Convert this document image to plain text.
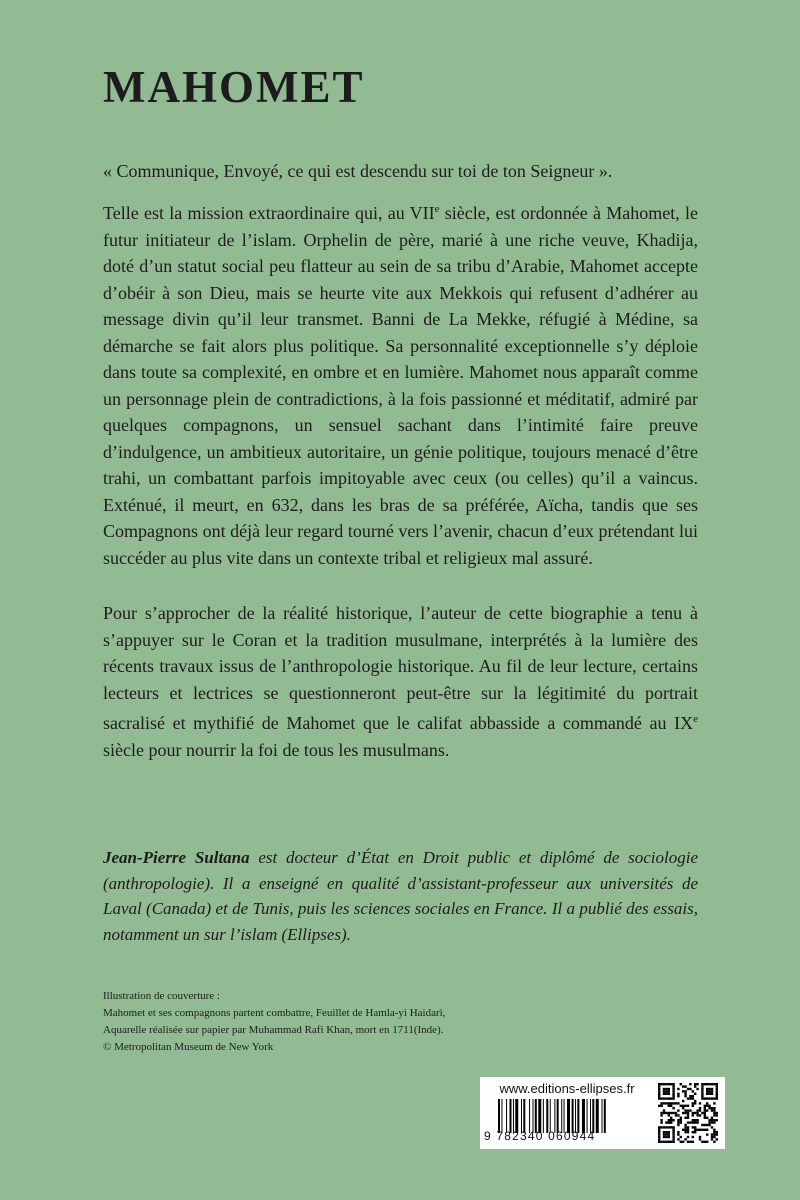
MAHOMET

« Communique, Envoyé, ce qui est descendu sur toi de ton Seigneur ».

Telle est la mission extraordinaire qui, au VIIe siècle, est ordonnée à Mahomet, le futur initiateur de l’islam. Orphelin de père, marié à une riche veuve, Khadija, doté d’un statut social peu flatteur au sein de sa tribu d’Arabie, Mahomet accepte d’obéir à son Dieu, mais se heurte vite aux Mekkois qui refusent d’adhérer au message divin qu’il leur transmet. Banni de La Mekke, réfugié à Médine, sa démarche se fait alors plus politique. Sa personnalité exceptionnelle s’y déploie dans toute sa complexité, en ombre et en lumière. Mahomet nous apparaît comme un personnage plein de contradictions, à la fois passionné et méditatif, admiré par quelques compagnons, un sensuel sachant dans l’intimité faire preuve d’indulgence, un ambitieux autoritaire, un génie politique, toujours menacé d’être trahi, un combattant parfois impitoyable avec ceux (ou celles) qu’il a vaincus. Exténué, il meurt, en 632, dans les bras de sa préférée, Aïcha, tandis que ses Compagnons ont déjà leur regard tourné vers l’avenir, chacun d’eux prétendant lui succéder au plus vite dans un contexte tribal et religieux mal assuré.

Pour s’approcher de la réalité historique, l’auteur de cette biographie a tenu à s’appuyer sur le Coran et la tradition musulmane, interprétés à la lumière des récents travaux issus de l’anthropologie historique. Au fil de leur lecture, certains lecteurs et lectrices se questionneront peut-être sur la légitimité du portrait sacralisé et mythifié de Mahomet que le califat abbasside a commandé au IXe siècle pour nourrir la foi de tous les musulmans.

Jean-Pierre Sultana est docteur d’État en Droit public et diplômé de sociologie (anthropologie). Il a enseigné en qualité d’assistant-professeur aux universités de Laval (Canada) et de Tunis, puis les sciences sociales en France. Il a publié des essais, notamment un sur l’islam (Ellipses).

Illustration de couverture :
Mahomet et ses compagnons partent combattre, Feuillet de Hamla-yi Haidari,
Aquarelle réalisée sur papier par Muhammad Rafi Khan, mort en 1711(Inde).
© Metropolitan Museum de New York
www.editions-ellipses.fr
9 782340 060944
